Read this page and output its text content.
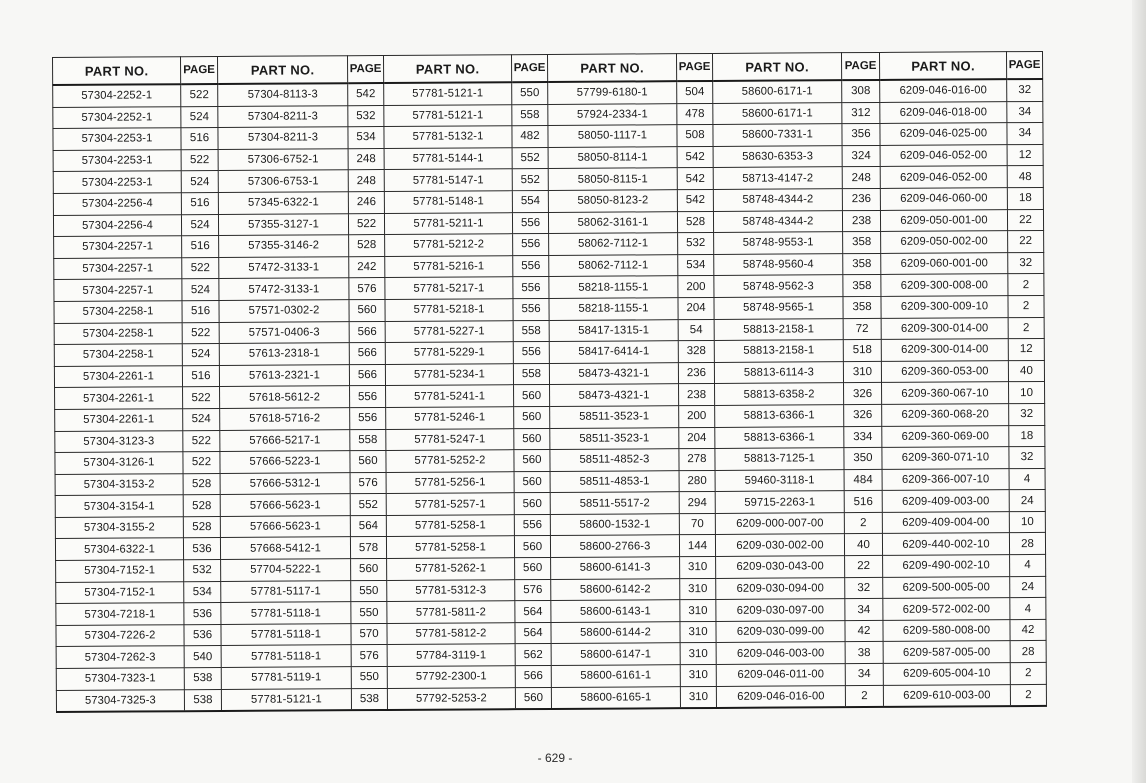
PART NO.	PAGE	PART NO.	PAGE	PART NO.	PAGE	PART NO.	PAGE	PART NO.	PAGE	PART NO.	PAGE
57304-2252-1	522	57304-8113-3	542	57781-5121-1	550	57799-6180-1	504	58600-6171-1	308	6209-046-016-00	32
57304-2252-1	524	57304-8211-3	532	57781-5121-1	558	57924-2334-1	478	58600-6171-1	312	6209-046-018-00	34
57304-2253-1	516	57304-8211-3	534	57781-5132-1	482	58050-1117-1	508	58600-7331-1	356	6209-046-025-00	34
57304-2253-1	522	57306-6752-1	248	57781-5144-1	552	58050-8114-1	542	58630-6353-3	324	6209-046-052-00	12
57304-2253-1	524	57306-6753-1	248	57781-5147-1	552	58050-8115-1	542	58713-4147-2	248	6209-046-052-00	48
57304-2256-4	516	57345-6322-1	246	57781-5148-1	554	58050-8123-2	542	58748-4344-2	236	6209-046-060-00	18
57304-2256-4	524	57355-3127-1	522	57781-5211-1	556	58062-3161-1	528	58748-4344-2	238	6209-050-001-00	22
57304-2257-1	516	57355-3146-2	528	57781-5212-2	556	58062-7112-1	532	58748-9553-1	358	6209-050-002-00	22
57304-2257-1	522	57472-3133-1	242	57781-5216-1	556	58062-7112-1	534	58748-9560-4	358	6209-060-001-00	32
57304-2257-1	524	57472-3133-1	576	57781-5217-1	556	58218-1155-1	200	58748-9562-3	358	6209-300-008-00	2
57304-2258-1	516	57571-0302-2	560	57781-5218-1	556	58218-1155-1	204	58748-9565-1	358	6209-300-009-10	2
57304-2258-1	522	57571-0406-3	566	57781-5227-1	558	58417-1315-1	54	58813-2158-1	72	6209-300-014-00	2
57304-2258-1	524	57613-2318-1	566	57781-5229-1	556	58417-6414-1	328	58813-2158-1	518	6209-300-014-00	12
57304-2261-1	516	57613-2321-1	566	57781-5234-1	558	58473-4321-1	236	58813-6114-3	310	6209-360-053-00	40
57304-2261-1	522	57618-5612-2	556	57781-5241-1	560	58473-4321-1	238	58813-6358-2	326	6209-360-067-10	10
57304-2261-1	524	57618-5716-2	556	57781-5246-1	560	58511-3523-1	200	58813-6366-1	326	6209-360-068-20	32
57304-3123-3	522	57666-5217-1	558	57781-5247-1	560	58511-3523-1	204	58813-6366-1	334	6209-360-069-00	18
57304-3126-1	522	57666-5223-1	560	57781-5252-2	560	58511-4852-3	278	58813-7125-1	350	6209-360-071-10	32
57304-3153-2	528	57666-5312-1	576	57781-5256-1	560	58511-4853-1	280	59460-3118-1	484	6209-366-007-10	4
57304-3154-1	528	57666-5623-1	552	57781-5257-1	560	58511-5517-2	294	59715-2263-1	516	6209-409-003-00	24
57304-3155-2	528	57666-5623-1	564	57781-5258-1	556	58600-1532-1	70	6209-000-007-00	2	6209-409-004-00	10
57304-6322-1	536	57668-5412-1	578	57781-5258-1	560	58600-2766-3	144	6209-030-002-00	40	6209-440-002-10	28
57304-7152-1	532	57704-5222-1	560	57781-5262-1	560	58600-6141-3	310	6209-030-043-00	22	6209-490-002-10	4
57304-7152-1	534	57781-5117-1	550	57781-5312-3	576	58600-6142-2	310	6209-030-094-00	32	6209-500-005-00	24
57304-7218-1	536	57781-5118-1	550	57781-5811-2	564	58600-6143-1	310	6209-030-097-00	34	6209-572-002-00	4
57304-7226-2	536	57781-5118-1	570	57781-5812-2	564	58600-6144-2	310	6209-030-099-00	42	6209-580-008-00	42
57304-7262-3	540	57781-5118-1	576	57784-3119-1	562	58600-6147-1	310	6209-046-003-00	38	6209-587-005-00	28
57304-7323-1	538	57781-5119-1	550	57792-2300-1	566	58600-6161-1	310	6209-046-011-00	34	6209-605-004-10	2
57304-7325-3	538	57781-5121-1	538	57792-5253-2	560	58600-6165-1	310	6209-046-016-00	2	6209-610-003-00	2
- 629 -
